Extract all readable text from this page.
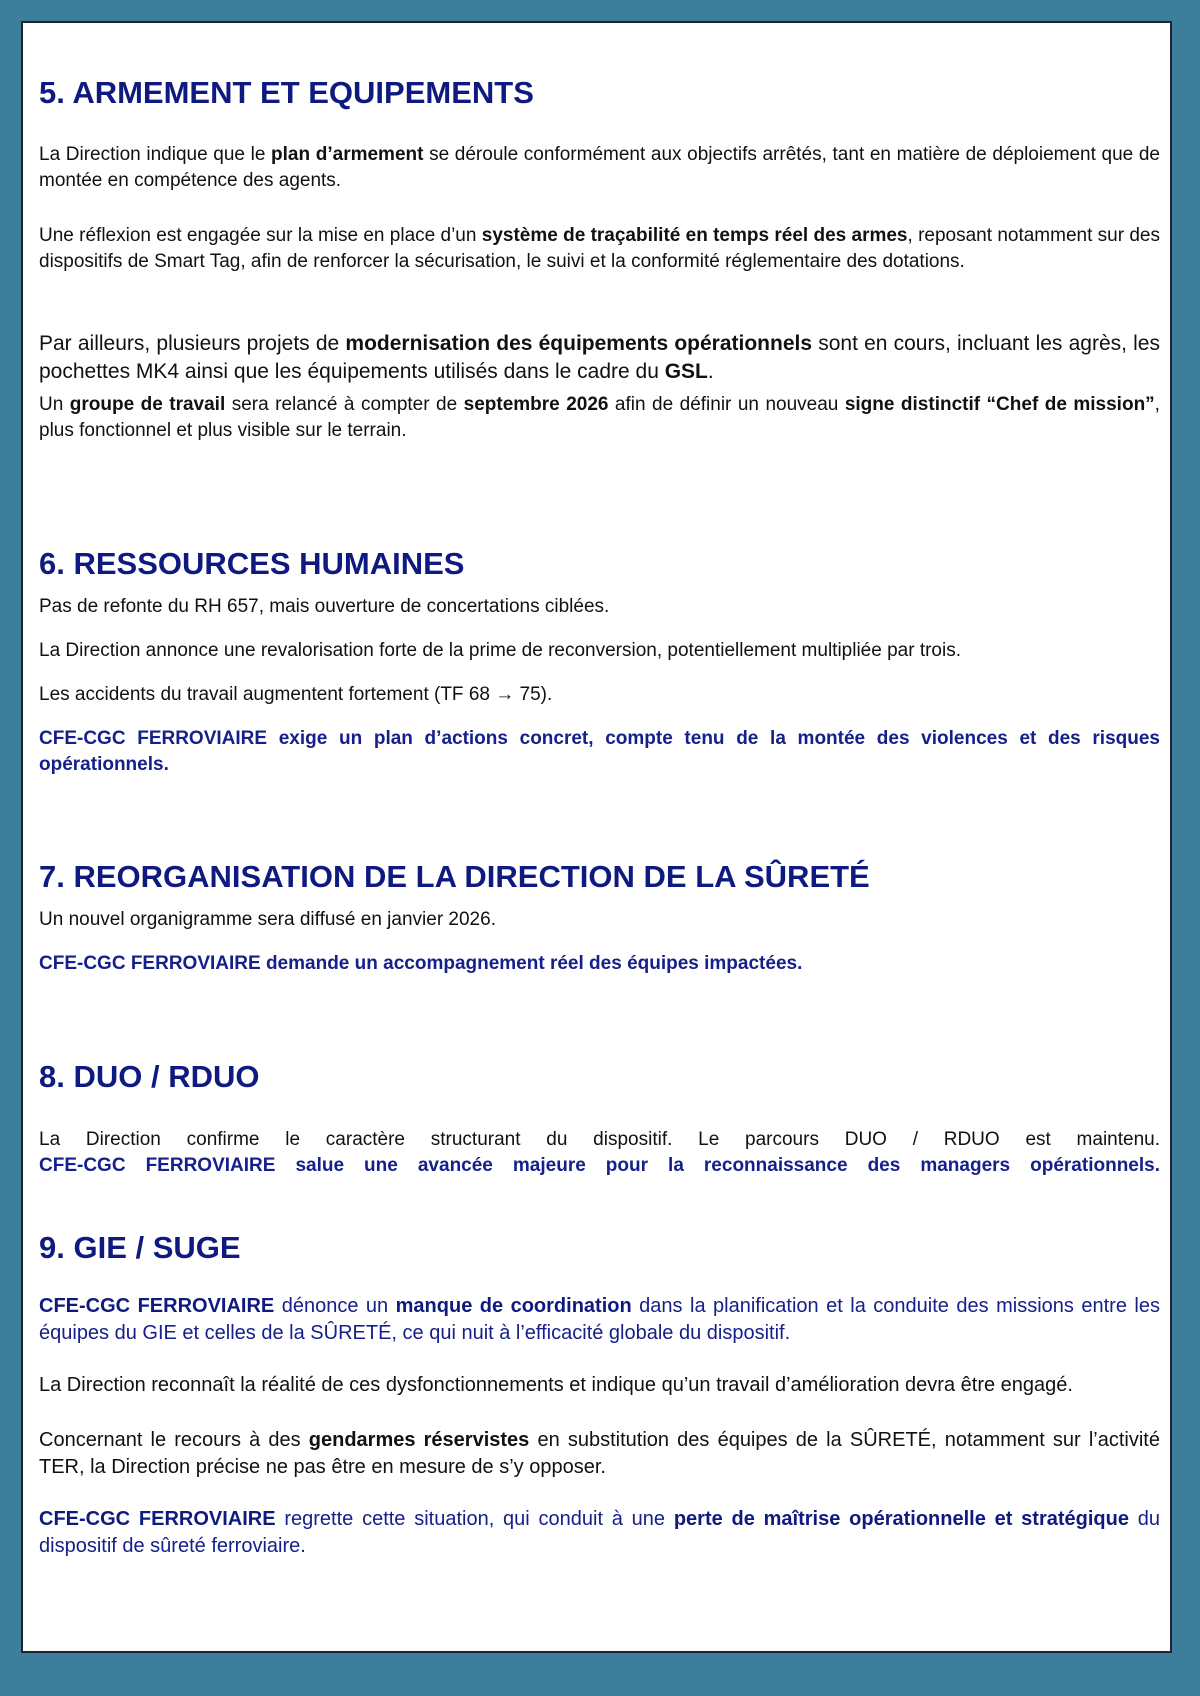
5. ARMEMENT ET EQUIPEMENTS

La Direction indique que le plan d’armement se déroule conformément aux objectifs arrêtés, tant en matière de déploiement que de montée en compétence des agents.

Une réflexion est engagée sur la mise en place d’un système de traçabilité en temps réel des armes, reposant notamment sur des dispositifs de Smart Tag, afin de renforcer la sécurisation, le suivi et la conformité réglementaire des dotations.

Par ailleurs, plusieurs projets de modernisation des équipements opérationnels sont en cours, incluant les agrès, les pochettes MK4 ainsi que les équipements utilisés dans le cadre du GSL.

Un groupe de travail sera relancé à compter de septembre 2026 afin de définir un nouveau signe distinctif “Chef de mission”, plus fonctionnel et plus visible sur le terrain.

6. RESSOURCES HUMAINES

Pas de refonte du RH 657, mais ouverture de concertations ciblées.

La Direction annonce une revalorisation forte de la prime de reconversion, potentiellement multipliée par trois.

Les accidents du travail augmentent fortement (TF 68 → 75).

CFE-CGC FERROVIAIRE exige un plan d’actions concret, compte tenu de la montée des violences et des risques opérationnels.

7. REORGANISATION DE LA DIRECTION DE LA SÛRETÉ

Un nouvel organigramme sera diffusé en janvier 2026.

CFE-CGC FERROVIAIRE demande un accompagnement réel des équipes impactées.

8. DUO / RDUO

La Direction confirme le caractère structurant du dispositif. Le parcours DUO / RDUO est maintenu.

CFE-CGC FERROVIAIRE salue une avancée majeure pour la reconnaissance des managers opérationnels.

9. GIE / SUGE

CFE-CGC FERROVIAIRE dénonce un manque de coordination dans la planification et la conduite des missions entre les équipes du GIE et celles de la SÛRETÉ, ce qui nuit à l’efficacité globale du dispositif.

La Direction reconnaît la réalité de ces dysfonctionnements et indique qu’un travail d’amélioration devra être engagé.

Concernant le recours à des gendarmes réservistes en substitution des équipes de la SÛRETÉ, notamment sur l’activité TER, la Direction précise ne pas être en mesure de s’y opposer.

CFE-CGC FERROVIAIRE regrette cette situation, qui conduit à une perte de maîtrise opérationnelle et stratégique du dispositif de sûreté ferroviaire.
